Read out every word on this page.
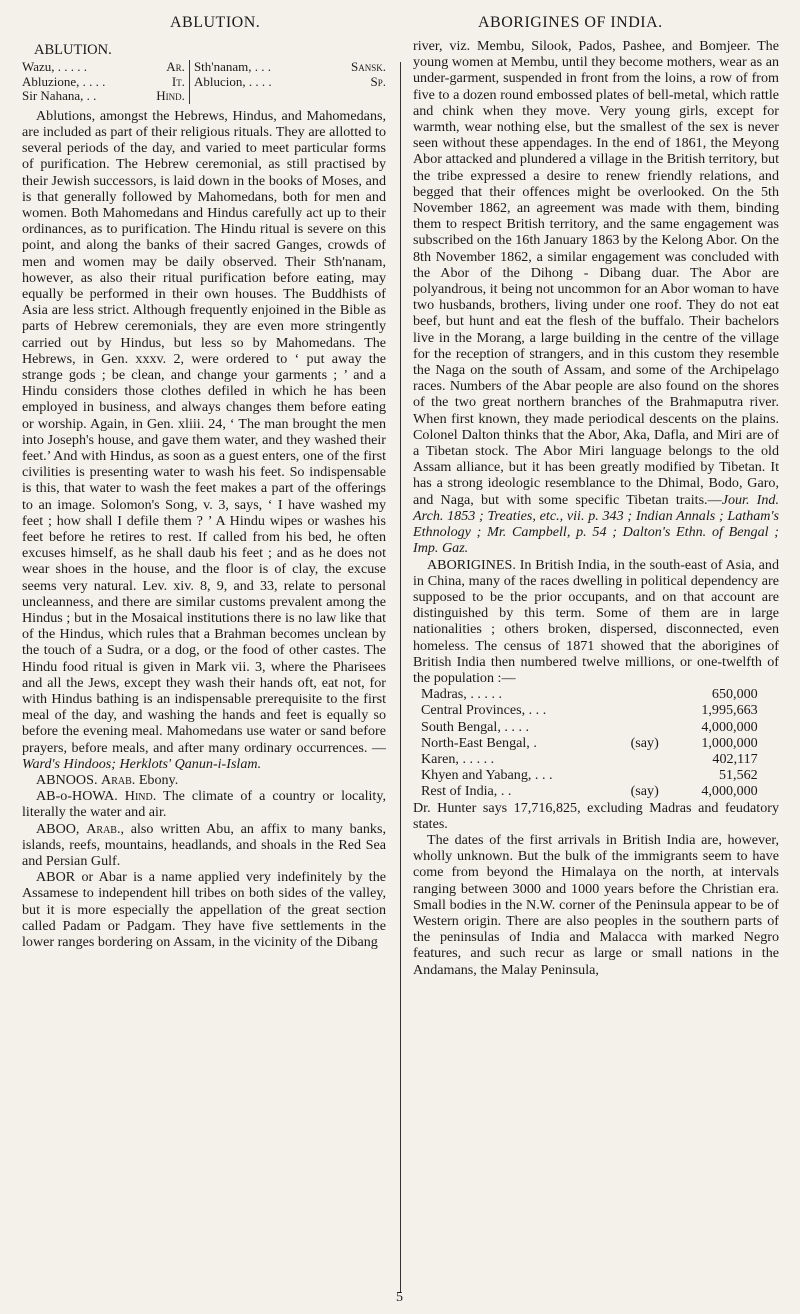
ABLUTION.	ABORIGINES OF INDIA.
ABLUTION.
Wazu, . . . . . Ar.	Sth'nanam, . . . Sansk.

Abluzione, . . . . It.	Ablucion, . . . . Sp.

Sir Nahana, . . Hind.	

Ablutions, amongst the Hebrews, Hindus, and Mahomedans, are included as part of their religious rituals. They are allotted to several periods of the day, and varied to meet particular forms of purification. The Hebrew ceremonial, as still practised by their Jewish successors, is laid down in the books of Moses, and is that generally followed by Mahomedans, both for men and women. Both Mahomedans and Hindus carefully act up to their ordinances, as to purification. The Hindu ritual is severe on this point, and along the banks of their sacred Ganges, crowds of men and women may be daily observed. Their Sth'nanam, however, as also their ritual purification before eating, may equally be performed in their own houses. The Buddhists of Asia are less strict. Although frequently enjoined in the Bible as parts of Hebrew ceremonials, they are even more stringently carried out by Hindus, but less so by Mahomedans. The Hebrews, in Gen. xxxv. 2, were ordered to ‘ put away the strange gods ; be clean, and change your garments ; ’ and a Hindu considers those clothes defiled in which he has been employed in business, and always changes them before eating or worship. Again, in Gen. xliii. 24, ‘ The man brought the men into Joseph's house, and gave them water, and they washed their feet.’ And with Hindus, as soon as a guest enters, one of the first civilities is presenting water to wash his feet. So indispensable is this, that water to wash the feet makes a part of the offerings to an image. Solomon's Song, v. 3, says, ‘ I have washed my feet ; how shall I defile them ? ’ A Hindu wipes or washes his feet before he retires to rest. If called from his bed, he often excuses himself, as he shall daub his feet ; and as he does not wear shoes in the house, and the floor is of clay, the excuse seems very natural. Lev. xiv. 8, 9, and 33, relate to personal uncleanness, and there are similar customs prevalent among the Hindus ; but in the Mosaical institutions there is no law like that of the Hindus, which rules that a Brahman becomes unclean by the touch of a Sudra, or a dog, or the food of other castes. The Hindu food ritual is given in Mark vii. 3, where the Pharisees and all the Jews, except they wash their hands oft, eat not, for with Hindus bathing is an indispensable prerequisite to the first meal of the day, and washing the hands and feet is equally so before the evening meal. Mahomedans use water or sand before prayers, before meals, and after many ordinary occurrences. — Ward's Hindoos; Herklots' Qanun-i-Islam.

ABNOOS. Arab. Ebony.

AB-o-HOWA. Hind. The climate of a country or locality, literally the water and air.

ABOO, Arab., also written Abu, an affix to many banks, islands, reefs, mountains, headlands, and shoals in the Red Sea and Persian Gulf.

ABOR or Abar is a name applied very indefinitely by the Assamese to independent hill tribes on both sides of the valley, but it is more especially the appellation of the great section called Padam or Padgam. They have five settlements in the lower ranges bordering on Assam, in the vicinity of the Dibang

river, viz. Membu, Silook, Pados, Pashee, and Bomjeer. The young women at Membu, until they become mothers, wear as an under-garment, suspended in front from the loins, a row of from five to a dozen round embossed plates of bell-metal, which rattle and chink when they move. Very young girls, except for warmth, wear nothing else, but the smallest of the sex is never seen without these appendages. In the end of 1861, the Meyong Abor attacked and plundered a village in the British territory, but the tribe expressed a desire to renew friendly relations, and begged that their offences might be overlooked. On the 5th November 1862, an agreement was made with them, binding them to respect British territory, and the same engagement was subscribed on the 16th January 1863 by the Kelong Abor. On the 8th November 1862, a similar engagement was concluded with the Abor of the Dihong - Dibang duar. The Abor are polyandrous, it being not uncommon for an Abor woman to have two husbands, brothers, living under one roof. They do not eat beef, but hunt and eat the flesh of the buffalo. Their bachelors live in the Morang, a large building in the centre of the village for the reception of strangers, and in this custom they resemble the Naga on the south of Assam, and some of the Archipelago races. Numbers of the Abar people are also found on the shores of the two great northern branches of the Brahmaputra river. When first known, they made periodical descents on the plains. Colonel Dalton thinks that the Abor, Aka, Dafla, and Miri are of a Tibetan stock. The Abor Miri language belongs to the old Assam alliance, but it has been greatly modified by Tibetan. It has a strong ideologic resemblance to the Dhimal, Bodo, Garo, and Naga, but with some specific Tibetan traits.—Jour. Ind. Arch. 1853 ; Treaties, etc., vii. p. 343 ; Indian Annals ; Latham's Ethnology ; Mr. Campbell, p. 54 ; Dalton's Ethn. of Bengal ; Imp. Gaz.

ABORIGINES. In British India, in the south-east of Asia, and in China, many of the races dwelling in political dependency are supposed to be the prior occupants, and on that account are distinguished by this term. Some of them are in large nationalities ; others broken, dispersed, disconnected, even homeless. The census of 1871 showed that the aborigines of British India then numbered twelve millions, or one-twelfth of the population :—

Madras, . . . . .		650,000
Central Provinces, . . .		1,995,663
South Bengal, . . . .		4,000,000
North-East Bengal, .	(say)	1,000,000
Karen, . . . . .		402,117
Khyen and Yabang, . . .		51,562
Rest of India, . .	(say)	4,000,000

Dr. Hunter says 17,716,825, excluding Madras and feudatory states.

The dates of the first arrivals in British India are, however, wholly unknown. But the bulk of the immigrants seem to have come from beyond the Himalaya on the north, at intervals ranging between 3000 and 1000 years before the Christian era. Small bodies in the N.W. corner of the Peninsula appear to be of Western origin. There are also peoples in the southern parts of the peninsulas of India and Malacca with marked Negro features, and such recur as large or small nations in the Andamans, the Malay Peninsula,

5
